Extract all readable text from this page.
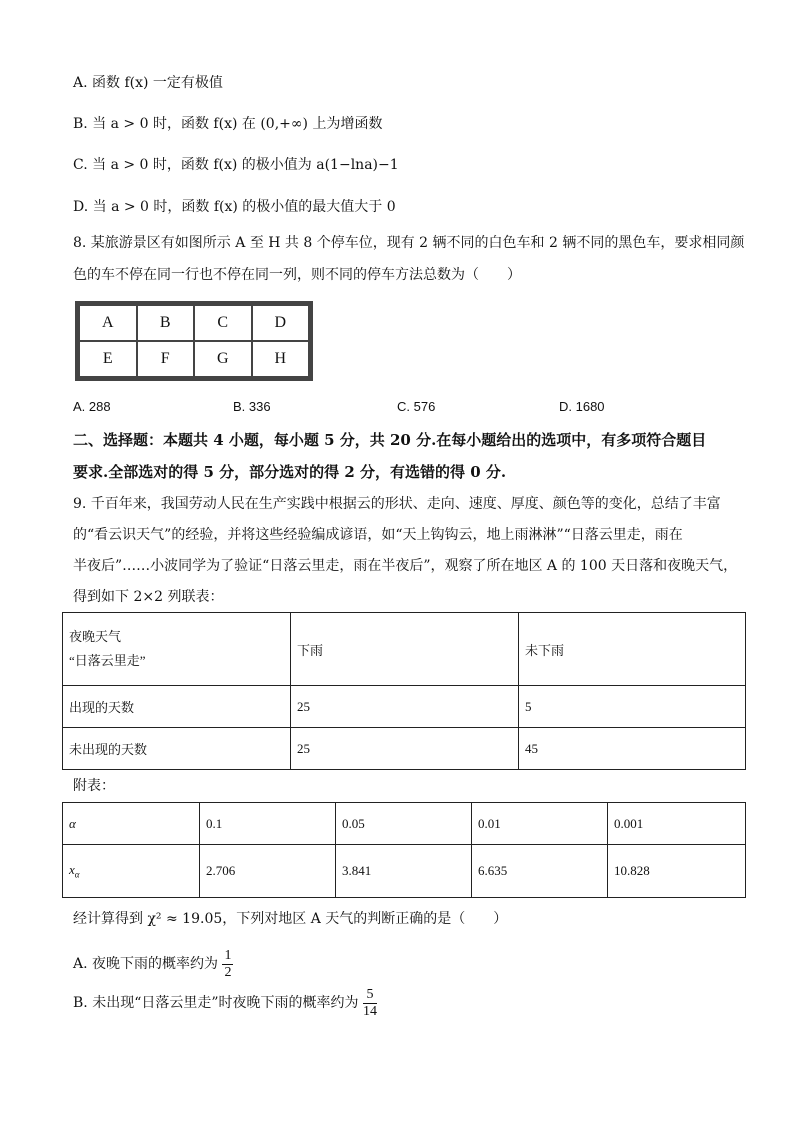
A. 函数 f(x) 一定有极值
B. 当 a > 0 时，函数 f(x) 在 (0,+∞) 上为增函数
C. 当 a > 0 时，函数 f(x) 的极小值为 a(1−lna)−1
D. 当 a > 0 时，函数 f(x) 的极小值的最大值大于 0
8. 某旅游景区有如图所示 A 至 H 共 8 个停车位，现有 2 辆不同的白色车和 2 辆不同的黑色车，要求相同颜
色的车不停在同一行也不停在同一列，则不同的停车方法总数为（　　）
A	B	C	D
E	F	G	H
A. 288	B. 336	C. 576	D. 1680
二、选择题：本题共 4 小题，每小题 5 分，共 20 分.在每小题给出的选项中，有多项符合题目
要求.全部选对的得 5 分，部分选对的得 2 分，有选错的得 0 分.
9. 千百年来，我国劳动人民在生产实践中根据云的形状、走向、速度、厚度、颜色等的变化，总结了丰富
的“看云识天气”的经验，并将这些经验编成谚语，如“天上钩钩云，地上雨淋淋”“日落云里走，雨在
半夜后”……小波同学为了验证“日落云里走，雨在半夜后”，观察了所在地区 A 的 100 天日落和夜晚天气，
得到如下 2×2 列联表：
夜晚天气
“日落云里走”	下雨	未下雨
出现的天数	25	5
未出现的天数	25	45
附表：
α	0.1	0.05	0.01	0.001
$x_\alpha$	2.706	3.841	6.635	10.828
经计算得到 χ² ≈ 19.05，下列对地区 A 天气的判断正确的是（　　）
A. 夜晚下雨的概率约为 $\frac{1}{2}$
B. 未出现“日落云里走”时夜晚下雨的概率约为 $\frac{5}{14}$
